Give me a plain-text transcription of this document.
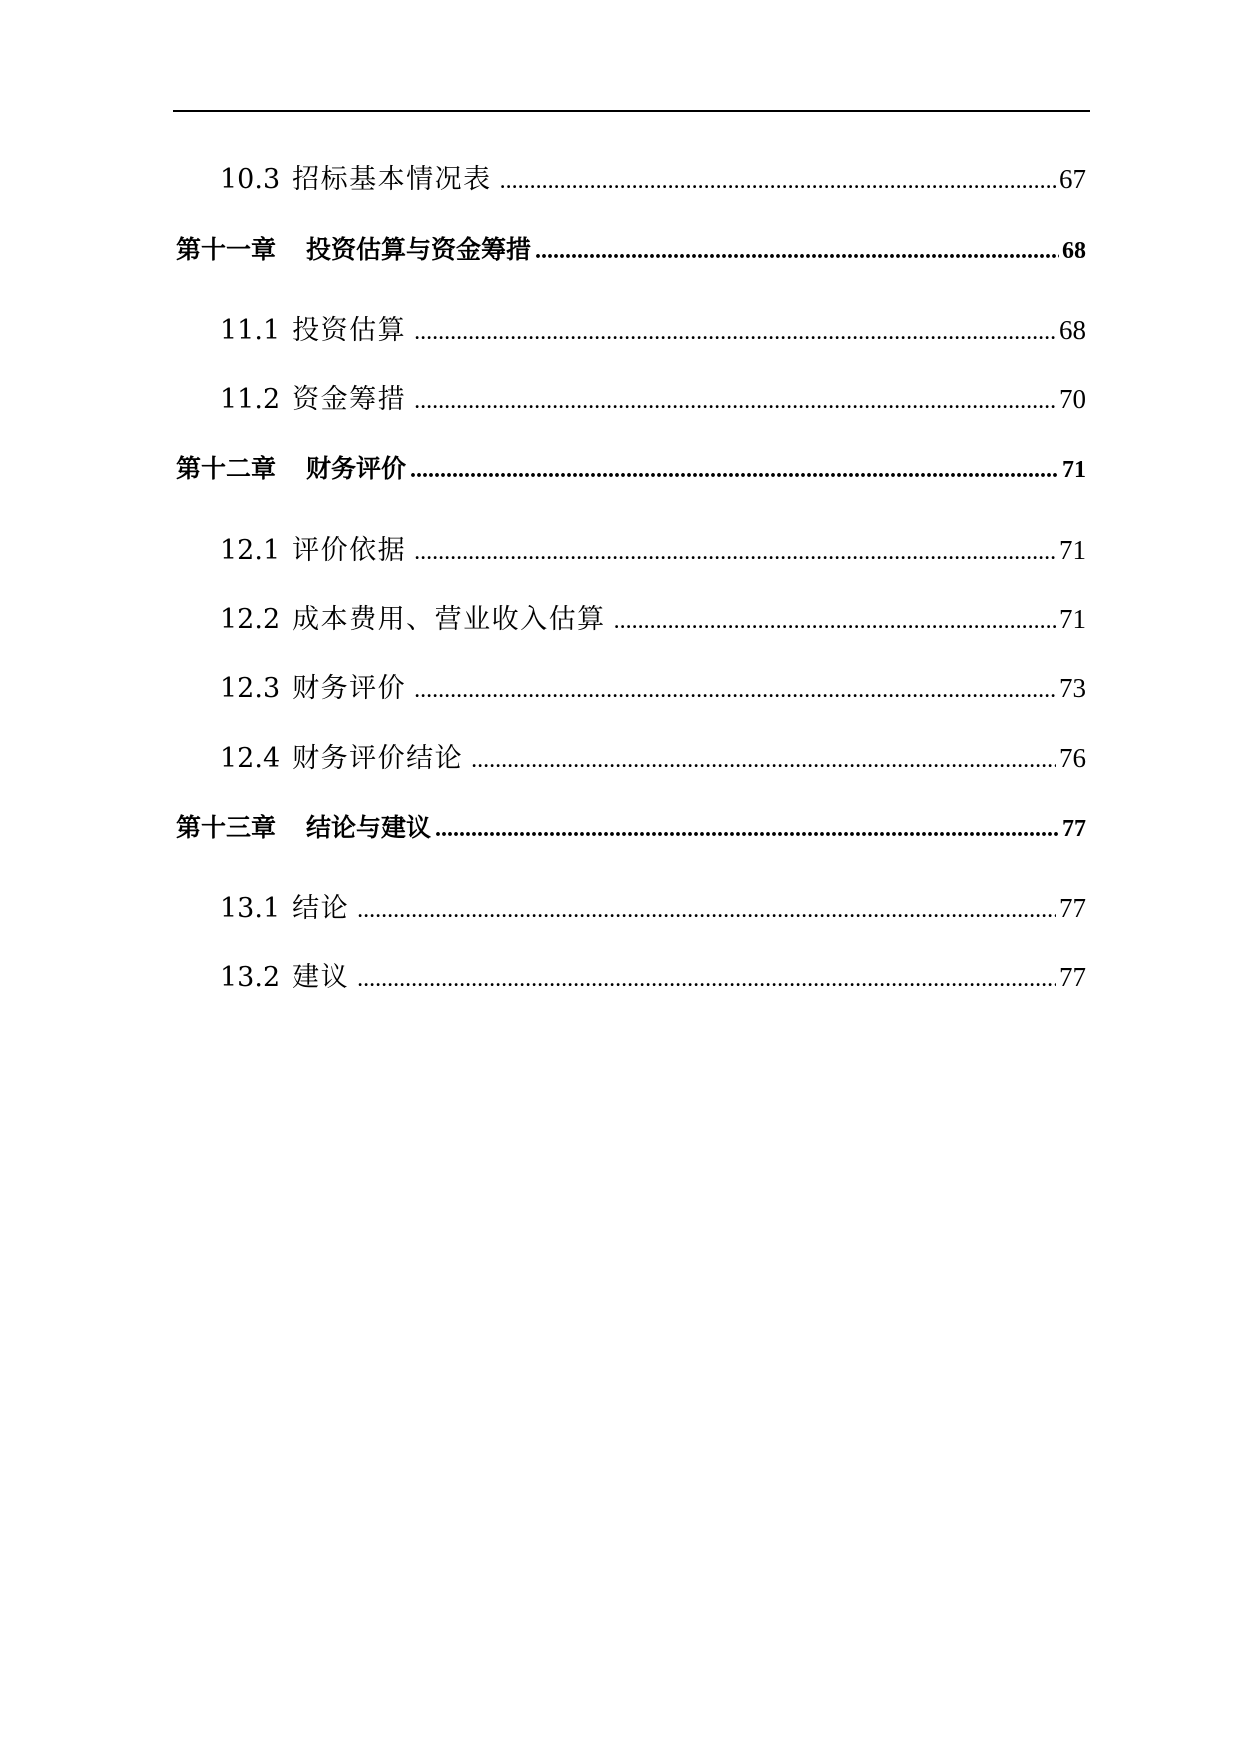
10.3 招标基本情况表 .....	67
第十一章 投资估算与资金筹措 .....	68
11.1 投资估算 .....	68
11.2 资金筹措 .....	70
第十二章 财务评价 .....	71
12.1 评价依据 .....	71
12.2 成本费用、营业收入估算 .....	71
12.3 财务评价 .....	73
12.4 财务评价结论 .....	76
第十三章 结论与建议 .....	77
13.1 结论 .....	77
13.2 建议 .....	77
